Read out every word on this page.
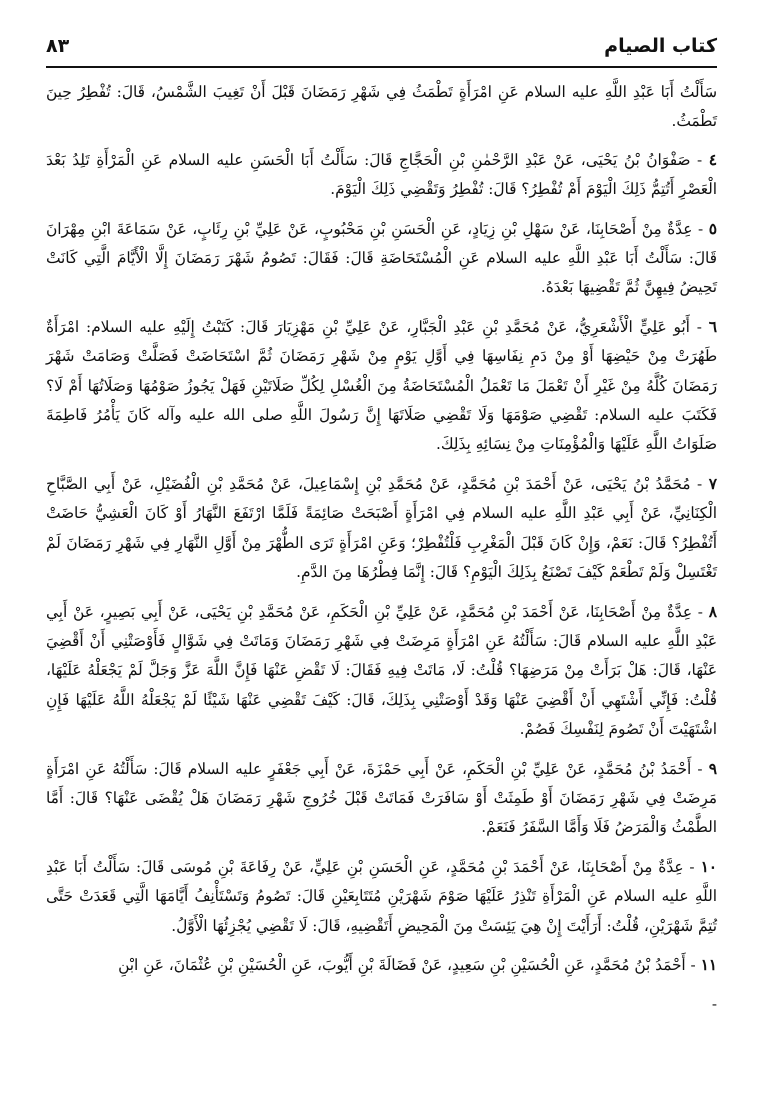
٨٣	كتاب الصيام

سَأَلْتُ أَبَا عَبْدِ اللَّهِ عليه السلام عَنِ امْرَأَةٍ تَطْمَثُ فِي شَهْرِ رَمَضَانَ قَبْلَ أَنْ تَغِيبَ الشَّمْسُ، قَالَ: تُفْطِرُ حِينَ تَطْمَثُ.

٤ - صَفْوَانُ بْنُ يَحْيَى، عَنْ عَبْدِ الرَّحْمٰنِ بْنِ الْحَجَّاجِ قَالَ: سَأَلْتُ أَبَا الْحَسَنِ عليه السلام عَنِ الْمَرْأَةِ تَلِدُ بَعْدَ الْعَصْرِ أَتُتِمُّ ذَلِكَ الْيَوْمَ أَمْ تُفْطِرُ؟ قَالَ: تُفْطِرُ وَتَقْضِي ذَلِكَ الْيَوْمَ.

٥ - عِدَّةٌ مِنْ أَصْحَابِنَا، عَنْ سَهْلِ بْنِ زِيَادٍ، عَنِ الْحَسَنِ بْنِ مَحْبُوبٍ، عَنْ عَلِيِّ بْنِ رِئَابٍ، عَنْ سَمَاعَةَ ابْنِ مِهْرَانَ قَالَ: سَأَلْتُ أَبَا عَبْدِ اللَّهِ عليه السلام عَنِ الْمُسْتَحَاضَةِ قَالَ: فَقَالَ: تَصُومُ شَهْرَ رَمَضَانَ إِلَّا الْأَيَّامَ الَّتِي كَانَتْ تَحِيضُ فِيهِنَّ ثُمَّ تَقْضِيهَا بَعْدَهُ.

٦ - أَبُو عَلِيٍّ الْأَشْعَرِيُّ، عَنْ مُحَمَّدِ بْنِ عَبْدِ الْجَبَّارِ، عَنْ عَلِيِّ بْنِ مَهْزِيَارَ قَالَ: كَتَبْتُ إِلَيْهِ عليه السلام: امْرَأَةٌ طَهُرَتْ مِنْ حَيْضِهَا أَوْ مِنْ دَمِ نِفَاسِهَا فِي أَوَّلِ يَوْمٍ مِنْ شَهْرِ رَمَضَانَ ثُمَّ اسْتَحَاضَتْ فَصَلَّتْ وَصَامَتْ شَهْرَ رَمَضَانَ كُلَّهُ مِنْ غَيْرِ أَنْ تَعْمَلَ مَا تَعْمَلُ الْمُسْتَحَاضَةُ مِنَ الْغُسْلِ لِكُلِّ صَلَاتَيْنِ فَهَلْ يَجُوزُ صَوْمُهَا وَصَلَاتُهَا أَمْ لَا؟ فَكَتَبَ عليه السلام: تَقْضِي صَوْمَهَا وَلَا تَقْضِي صَلَاتَهَا إِنَّ رَسُولَ اللَّهِ صلى الله عليه وآله كَانَ يَأْمُرُ فَاطِمَةَ صَلَوَاتُ اللَّهِ عَلَيْهَا وَالْمُؤْمِنَاتِ مِنْ نِسَائِهِ بِذَلِكَ.

٧ - مُحَمَّدُ بْنُ يَحْيَى، عَنْ أَحْمَدَ بْنِ مُحَمَّدٍ، عَنْ مُحَمَّدِ بْنِ إِسْمَاعِيلَ، عَنْ مُحَمَّدِ بْنِ الْفُضَيْلِ، عَنْ أَبِي الصَّبَّاحِ الْكِنَانِيِّ، عَنْ أَبِي عَبْدِ اللَّهِ عليه السلام فِي امْرَأَةٍ أَصْبَحَتْ صَائِمَةً فَلَمَّا ارْتَفَعَ النَّهَارُ أَوْ كَانَ الْعَشِيُّ حَاضَتْ أَتُفْطِرُ؟ قَالَ: نَعَمْ، وَإِنْ كَانَ قَبْلَ الْمَغْرِبِ فَلْتُفْطِرْ؛ وَعَنِ امْرَأَةٍ تَرَى الطُّهْرَ مِنْ أَوَّلِ النَّهَارِ فِي شَهْرِ رَمَضَانَ لَمْ تَغْتَسِلْ وَلَمْ تَطْعَمْ كَيْفَ تَصْنَعُ بِذَلِكَ الْيَوْمِ؟ قَالَ: إِنَّمَا فِطْرُهَا مِنَ الدَّمِ.

٨ - عِدَّةٌ مِنْ أَصْحَابِنَا، عَنْ أَحْمَدَ بْنِ مُحَمَّدٍ، عَنْ عَلِيِّ بْنِ الْحَكَمِ، عَنْ مُحَمَّدِ بْنِ يَحْيَى، عَنْ أَبِي بَصِيرٍ، عَنْ أَبِي عَبْدِ اللَّهِ عليه السلام قَالَ: سَأَلْتُهُ عَنِ امْرَأَةٍ مَرِضَتْ فِي شَهْرِ رَمَضَانَ وَمَاتَتْ فِي شَوَّالٍ فَأَوْصَتْنِي أَنْ أَقْضِيَ عَنْهَا، قَالَ: هَلْ بَرَأَتْ مِنْ مَرَضِهَا؟ قُلْتُ: لَا، مَاتَتْ فِيهِ فَقَالَ: لَا تَقْضِ عَنْهَا فَإِنَّ اللَّهَ عَزَّ وَجَلَّ لَمْ يَجْعَلْهُ عَلَيْهَا، قُلْتُ: فَإِنِّي أَشْتَهِي أَنْ أَقْضِيَ عَنْهَا وَقَدْ أَوْصَتْنِي بِذَلِكَ، قَالَ: كَيْفَ تَقْضِي عَنْهَا شَيْئًا لَمْ يَجْعَلْهُ اللَّهُ عَلَيْهَا فَإِنِ اشْتَهَيْتَ أَنْ تَصُومَ لِنَفْسِكَ فَصُمْ.

٩ - أَحْمَدُ بْنُ مُحَمَّدٍ، عَنْ عَلِيِّ بْنِ الْحَكَمِ، عَنْ أَبِي حَمْزَةَ، عَنْ أَبِي جَعْفَرٍ عليه السلام قَالَ: سَأَلْتُهُ عَنِ امْرَأَةٍ مَرِضَتْ فِي شَهْرِ رَمَضَانَ أَوْ طَمِثَتْ أَوْ سَافَرَتْ فَمَاتَتْ قَبْلَ خُرُوجِ شَهْرِ رَمَضَانَ هَلْ يُقْضَى عَنْهَا؟ قَالَ: أَمَّا الطَّمْثُ وَالْمَرَضُ فَلَا وَأَمَّا السَّفَرُ فَنَعَمْ.

١٠ - عِدَّةٌ مِنْ أَصْحَابِنَا، عَنْ أَحْمَدَ بْنِ مُحَمَّدٍ، عَنِ الْحَسَنِ بْنِ عَلِيٍّ، عَنْ رِفَاعَةَ بْنِ مُوسَى قَالَ: سَأَلْتُ أَبَا عَبْدِ اللَّهِ عليه السلام عَنِ الْمَرْأَةِ تَنْذِرُ عَلَيْهَا صَوْمَ شَهْرَيْنِ مُتَتَابِعَيْنِ قَالَ: تَصُومُ وَتَسْتَأْنِفُ أَيَّامَهَا الَّتِي قَعَدَتْ حَتَّى تُتِمَّ شَهْرَيْنِ، قُلْتُ: أَرَأَيْتَ إِنْ هِيَ يَئِسَتْ مِنَ الْمَحِيضِ أَتَقْضِيهِ، قَالَ: لَا تَقْضِي يُجْزِئُهَا الْأَوَّلُ.

١١ - أَحْمَدُ بْنُ مُحَمَّدٍ، عَنِ الْحُسَيْنِ بْنِ سَعِيدٍ، عَنْ فَضَالَةَ بْنِ أَيُّوبَ، عَنِ الْحُسَيْنِ بْنِ عُثْمَانَ، عَنِ ابْنِ

-
